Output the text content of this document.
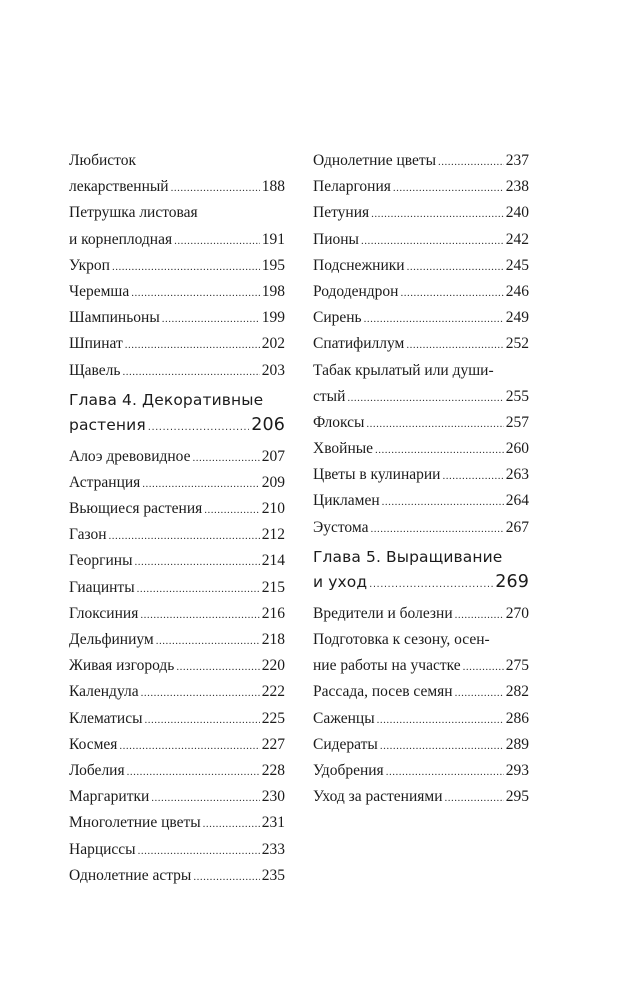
Любисток
лекарственный .....	188
Петрушка листовая
и корнеплодная .....	191
Укроп .....	195
Черемша .....	198
Шампиньоны .....	199
Шпинат .....	202
Щавель .....	203
Глава 4. Декоративные
растения .....	206
Алоэ древовидное .....	207
Астранция .....	209
Вьющиеся растения .....	210
Газон .....	212
Георгины .....	214
Гиацинты .....	215
Глоксиния .....	216
Дельфиниум .....	218
Живая изгородь .....	220
Календула .....	222
Клематисы .....	225
Космея .....	227
Лобелия .....	228
Маргаритки .....	230
Многолетние цветы .....	231
Нарциссы .....	233
Однолетние астры .....	235
Однолетние цветы .....	237
Пеларгония .....	238
Петуния .....	240
Пионы .....	242
Подснежники .....	245
Рододендрон .....	246
Сирень .....	249
Спатифиллум .....	252
Табак крылатый или души-
стый .....	255
Флоксы .....	257
Хвойные .....	260
Цветы в кулинарии .....	263
Цикламен .....	264
Эустома .....	267
Глава 5. Выращивание
и уход .....	269
Вредители и болезни .....	270
Подготовка к сезону, осен-
ние работы на участке .....	275
Рассада, посев семян .....	282
Саженцы .....	286
Сидераты .....	289
Удобрения .....	293
Уход за растениями .....	295
